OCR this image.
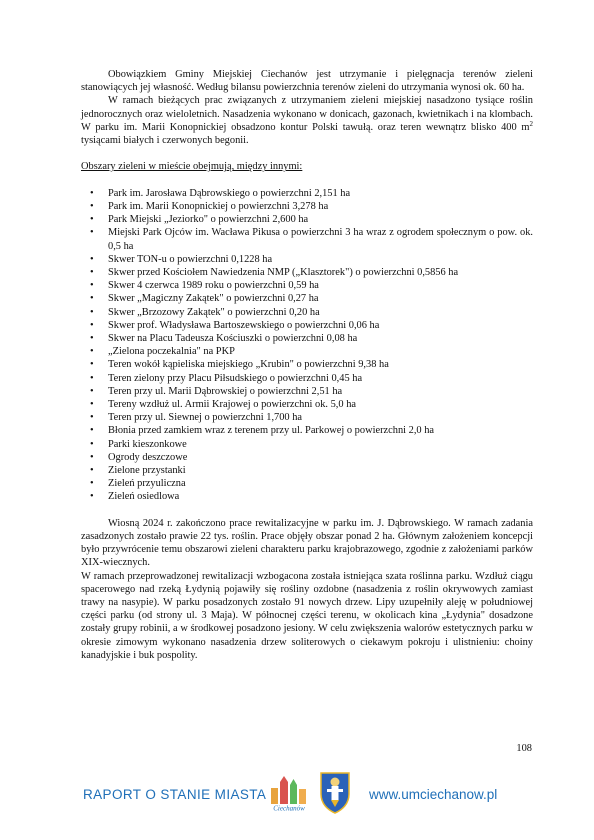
Obowiązkiem Gminy Miejskiej Ciechanów jest utrzymanie i pielęgnacja terenów zieleni stanowiących jej własność. Według bilansu powierzchnia terenów zieleni do utrzymania wynosi ok. 60 ha.

W ramach bieżących prac związanych z utrzymaniem zieleni miejskiej nasadzono tysiące roślin jednorocznych oraz wieloletnich. Nasadzenia wykonano w donicach, gazonach, kwietnikach i na klombach. W parku im. Marii Konopnickiej obsadzono kontur Polski tawułą. oraz teren wewnątrz blisko 400 $m^2$ tysiącami białych i czerwonych begonii.

Obszary zieleni w mieście obejmują, między innymi:

• Park im. Jarosława Dąbrowskiego o powierzchni 2,151 ha
• Park im. Marii Konopnickiej o powierzchni 3,278 ha
• Park Miejski „Jeziorko" o powierzchni 2,600 ha
• Miejski Park Ojców im. Wacława Pikusa o powierzchni 3 ha wraz z ogrodem społecznym o pow. ok. 0,5 ha
• Skwer TON-u o powierzchni 0,1228 ha
• Skwer przed Kościołem Nawiedzenia NMP („Klasztorek") o powierzchni 0,5856 ha
• Skwer 4 czerwca 1989 roku o powierzchni 0,59 ha
• Skwer „Magiczny Zakątek" o powierzchni 0,27 ha
• Skwer „Brzozowy Zakątek" o powierzchni 0,20 ha
• Skwer prof. Władysława Bartoszewskiego o powierzchni 0,06 ha
• Skwer na Placu Tadeusza Kościuszki o powierzchni 0,08 ha
• „Zielona poczekalnia" na PKP
• Teren wokół kąpieliska miejskiego „Krubin" o powierzchni 9,38 ha
• Teren zielony przy Placu Piłsudskiego o powierzchni 0,45 ha
• Teren przy ul. Marii Dąbrowskiej o powierzchni 2,51 ha
• Tereny wzdłuż ul. Armii Krajowej o powierzchni ok. 5,0 ha
• Teren przy ul. Siewnej o powierzchni 1,700 ha
• Błonia przed zamkiem wraz z terenem przy ul. Parkowej o powierzchni 2,0 ha
• Parki kieszonkowe
• Ogrody deszczowe
• Zielone przystanki
• Zieleń przyuliczna
• Zieleń osiedlowa

Wiosną 2024 r. zakończono prace rewitalizacyjne w parku im. J. Dąbrowskiego. W ramach zadania zasadzonych zostało prawie 22 tys. roślin. Prace objęły obszar ponad 2 ha. Głównym założeniem koncepcji było przywrócenie temu obszarowi zieleni charakteru parku krajobrazowego, zgodnie z założeniami parków XIX-wiecznych.

W ramach przeprowadzonej rewitalizacji wzbogacona została istniejąca szata roślinna parku. Wzdłuż ciągu spacerowego nad rzeką Łydynią pojawiły się rośliny ozdobne (nasadzenia z roślin okrywowych zamiast trawy na nasypie). W parku posadzonych zostało 91 nowych drzew. Lipy uzupełniły aleję w południowej części parku (od strony ul. 3 Maja). W północnej części terenu, w okolicach kina „Łydynia" dosadzone zostały grupy robinii, a w środkowej posadzono jesiony. W celu zwiększenia walorów estetycznych parku w okresie zimowym wykonano nasadzenia drzew soliterowych o ciekawym pokroju i ulistnieniu: choiny kanadyjskie i buk pospolity.

108
RAPORT O STANIE MIASTA
Ciechanów
www.umciechanow.pl
